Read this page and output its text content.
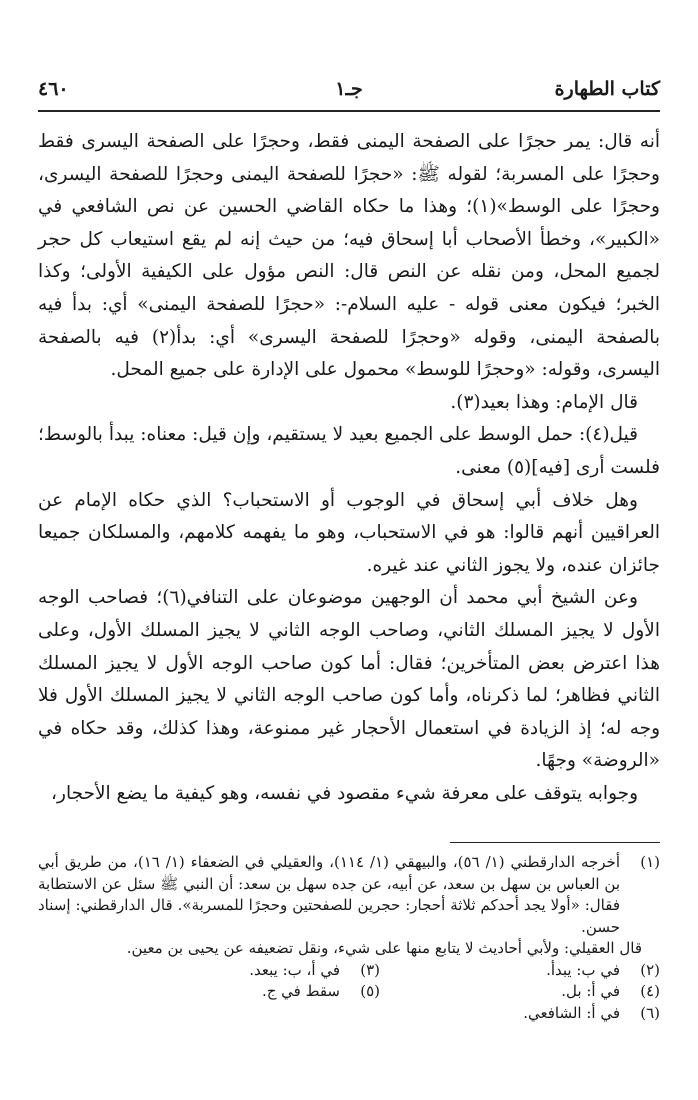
كتاب الطهارة
جـ١
٤٦٠

أنه قال: يمر حجرًا على الصفحة اليمنى فقط، وحجرًا على الصفحة اليسرى فقط وحجرًا على المسربة؛ لقوله ﷺ: «حجرًا للصفحة اليمنى وحجرًا للصفحة اليسرى، وحجرًا على الوسط»(١)؛ وهذا ما حكاه القاضي الحسين عن نص الشافعي في «الكبير»، وخطأ الأصحاب أبا إسحاق فيه؛ من حيث إنه لم يقع استيعاب كل حجر لجميع المحل، ومن نقله عن النص قال: النص مؤول على الكيفية الأولى؛ وكذا الخبر؛ فيكون معنى قوله - عليه السلام-: «حجرًا للصفحة اليمنى» أي: بدأ فيه بالصفحة اليمنى، وقوله «وحجرًا للصفحة اليسرى» أي: بدأ(٢) فيه بالصفحة اليسرى، وقوله: «وحجرًا للوسط» محمول على الإدارة على جميع المحل.

قال الإمام: وهذا بعيد(٣).

قيل(٤): حمل الوسط على الجميع بعيد لا يستقيم، وإن قيل: معناه: يبدأ بالوسط؛ فلست أرى [فيه](٥) معنى.

وهل خلاف أبي إسحاق في الوجوب أو الاستحباب؟ الذي حكاه الإمام عن العراقيين أنهم قالوا: هو في الاستحباب، وهو ما يفهمه كلامهم، والمسلكان جميعا جائزان عنده، ولا يجوز الثاني عند غيره.

وعن الشيخ أبي محمد أن الوجهين موضوعان على التنافي(٦)؛ فصاحب الوجه الأول لا يجيز المسلك الثاني، وصاحب الوجه الثاني لا يجيز المسلك الأول، وعلى هذا اعترض بعض المتأخرين؛ فقال: أما كون صاحب الوجه الأول لا يجيز المسلك الثاني فظاهر؛ لما ذكرناه، وأما كون صاحب الوجه الثاني لا يجيز المسلك الأول فلا وجه له؛ إذ الزيادة في استعمال الأحجار غير ممنوعة، وهذا كذلك، وقد حكاه في «الروضة» وجهًا.

وجوابه يتوقف على معرفة شيء مقصود في نفسه، وهو كيفية ما يضع الأحجار،

(١)
أخرجه الدارقطني (١/ ٥٦)، والبيهقي (١/ ١١٤)، والعقيلي في الضعفاء (١/ ١٦)، من طريق أبي بن العباس بن سهل بن سعد، عن أبيه، عن جده سهل بن سعد: أن النبي ﷺ سئل عن الاستطابة فقال: «أولا يجد أحدكم ثلاثة أحجار: حجرين للصفحتين وحجرًا للمسربة». قال الدارقطني: إسناد حسن.
قال العقيلي: ولأبي أحاديث لا يتابع منها على شيء، ونقل تضعيفه عن يحيى بن معين.
(٢)
في ب: يبدأ.
(٣)
في أ، ب: يبعد.
(٤)
في أ: بل.
(٥)
سقط في ج.
(٦)
في أ: الشافعي.
